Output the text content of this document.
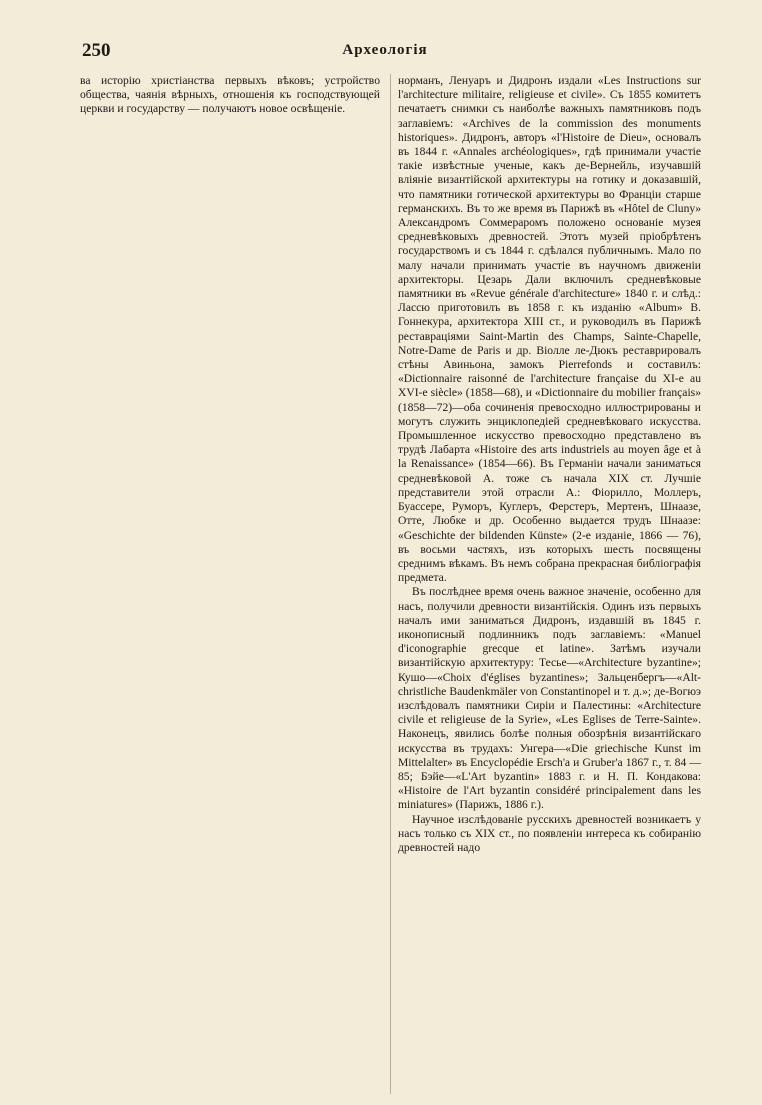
250	Археологія

ва исторію христіанства первыхъ вѣковъ; устройство общества, чаянія вѣрныхъ, отношенія къ господствующей церкви и государству — получаютъ новое освѣщеніе.

норманъ, Ленуаръ и Дидронъ издали «Les Instructions sur l'architecture militaire, religieuse et civile». Съ 1855 комитетъ печатаетъ снимки съ наиболѣе важныхъ памятниковъ подъ заглавіемъ: «Archives de la commission des monuments historiques». Дидронъ, авторъ «l'Histoire de Dieu», основалъ въ 1844 г. «Annales archéologiques», гдѣ принимали участіе такіе извѣстные ученые, какъ де-Вернейль, изучавшій вліяніе византійской архитектуры на готику и доказавшій, что памятники готической архитектуры во Франціи старше германскихъ. Въ то же время въ Парижѣ въ «Hôtel de Cluny» Александромъ Соммераромъ положено основаніе музея средневѣковыхъ древностей. Этотъ музей пріобрѣтенъ государствомъ и съ 1844 г. сдѣлался публичнымъ. Мало по малу начали принимать участіе въ научномъ движеніи архитекторы. Цезарь Дали включилъ средневѣковые памятники въ «Revue générale d'architecture» 1840 г. и слѣд.: Лассю приготовилъ въ 1858 г. къ изданію «Album» В. Гоннекура, архитектора XIII ст., и руководилъ въ Парижѣ реставраціями Saint-Martin des Champs, Sainte-Chapelle, Notre-Dame de Paris и др. Віолле ле-Дюкъ реставрировалъ стѣны Авиньона, замокъ Pierrefonds и составилъ: «Dictionnaire raisonné de l'architecture française du XI-e au XVI-e siècle» (1858—68), и «Dictionnaire du mobilier français» (1858—72)—оба сочиненія превосходно иллюстрированы и могутъ служить энциклопедіей средневѣковаго искусства. Промышленное искусство превосходно представлено въ трудѣ Лабарта «Histoire des arts industriels au moyen âge et à la Renaissance» (1854—66). Въ Германіи начали заниматься средневѣковой А. тоже съ начала XIX ст. Лучшіе представители этой отрасли А.: Фіорилло, Моллеръ, Буассере, Руморъ, Куглеръ, Ферстеръ, Мертенъ, Шнаазе, Отте, Любке и др. Особенно выдается трудъ Шнаазе: «Geschichte der bildenden Künste» (2-е изданіе, 1866 — 76), въ восьми частяхъ, изъ которыхъ шесть посвящены среднимъ вѣкамъ. Въ немъ собрана прекрасная библіографія предмета.

Въ послѣднее время очень важное значеніе, особенно для насъ, получили древности византійскія. Одинъ изъ первыхъ началъ ими заниматься Дидронъ, издавшій въ 1845 г. иконописный подлинникъ подъ заглавіемъ: «Manuel d'iconographie grecque et latine». Затѣмъ изучали византійскую архитектуру: Тесье—«Architecture byzantine»; Кушо—«Choix d'églises byzantines»; Зальценбергъ—«Alt-christliche Baudenkmäler von Constantinopel и т. д.»; де-Вогюэ изслѣдовалъ памятники Сиріи и Палестины: «Architecture civile et religieuse de la Syrie», «Les Eglises de Terre-Sainte». Наконецъ, явились болѣе полныя обозрѣнія византійскаго искусства въ трудахъ: Унгера—«Die griechische Kunst im Mittelalter» въ Encyclopédie Ersch'a и Gruber'a 1867 г., т. 84 — 85; Бэйе—«L'Art byzantin» 1883 г. и Н. П. Кондакова: «Histoire de l'Art byzantin considéré principalement dans les miniatures» (Парижъ, 1886 г.).

Научное изслѣдованіе русскихъ древностей возникаетъ у насъ только съ XIX ст., по появленіи интереса къ собиранію древностей надо
